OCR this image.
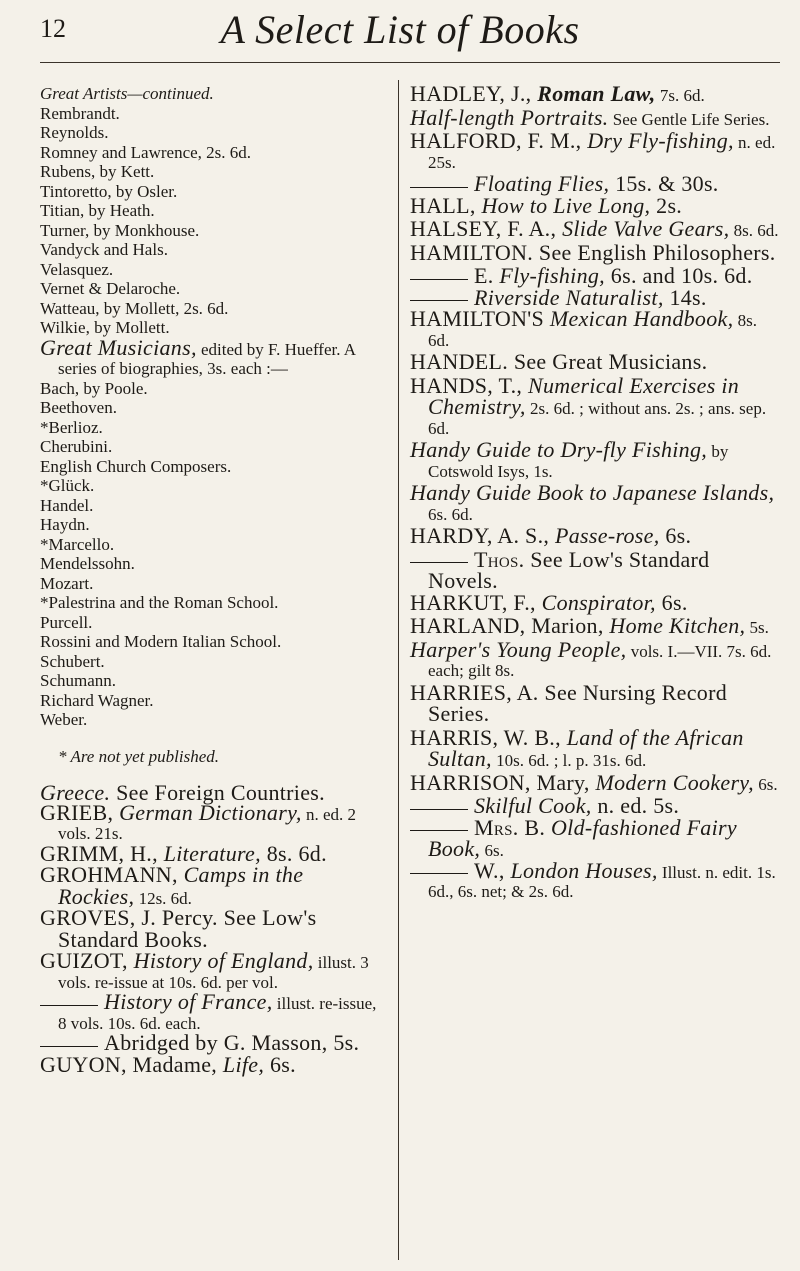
12	A Select List of Books

Great Artists—continued.

Rembrandt.

Reynolds.

Romney and Lawrence, 2s. 6d.

Rubens, by Kett.

Tintoretto, by Osler.

Titian, by Heath.

Turner, by Monkhouse.

Vandyck and Hals.

Velasquez.

Vernet & Delaroche.

Watteau, by Mollett, 2s. 6d.

Wilkie, by Mollett.

Great Musicians, edited by F. Hueffer. A series of biographies, 3s. each :—

Bach, by Poole.

Beethoven.

*Berlioz.

Cherubini.

English Church Composers.

*Glück.

Handel.

Haydn.

*Marcello.

Mendelssohn.

Mozart.

*Palestrina and the Roman School.

Purcell.

Rossini and Modern Italian School.

Schubert.

Schumann.

Richard Wagner.

Weber.

* Are not yet published.

Greece. See Foreign Countries.

GRIEB, German Dictionary, n. ed. 2 vols. 21s.

GRIMM, H., Literature, 8s. 6d.

GROHMANN, Camps in the Rockies, 12s. 6d.

GROVES, J. Percy. See Low's Standard Books.

GUIZOT, History of England, illust. 3 vols. re-issue at 10s. 6d. per vol.

History of France, illust. re-issue, 8 vols. 10s. 6d. each.

Abridged by G. Masson, 5s.

GUYON, Madame, Life, 6s.

HADLEY, J., Roman Law, 7s. 6d.

Half-length Portraits. See Gentle Life Series.

HALFORD, F. M., Dry Fly-fishing, n. ed. 25s.

Floating Flies, 15s. & 30s.

HALL, How to Live Long, 2s.

HALSEY, F. A., Slide Valve Gears, 8s. 6d.

HAMILTON. See English Philosophers.

E. Fly-fishing, 6s. and 10s. 6d.

Riverside Naturalist, 14s.

HAMILTON'S Mexican Handbook, 8s. 6d.

HANDEL. See Great Musicians.

HANDS, T., Numerical Exercises in Chemistry, 2s. 6d. ; without ans. 2s. ; ans. sep. 6d.

Handy Guide to Dry-fly Fishing, by Cotswold Isys, 1s.

Handy Guide Book to Japanese Islands, 6s. 6d.

HARDY, A. S., Passe-rose, 6s.

Thos. See Low's Standard Novels.

HARKUT, F., Conspirator, 6s.

HARLAND, Marion, Home Kitchen, 5s.

Harper's Young People, vols. I.—VII. 7s. 6d. each; gilt 8s.

HARRIES, A. See Nursing Record Series.

HARRIS, W. B., Land of the African Sultan, 10s. 6d. ; l. p. 31s. 6d.

HARRISON, Mary, Modern Cookery, 6s.

Skilful Cook, n. ed. 5s.

Mrs. B. Old-fashioned Fairy Book, 6s.

W., London Houses, Illust. n. edit. 1s. 6d., 6s. net; & 2s. 6d.
